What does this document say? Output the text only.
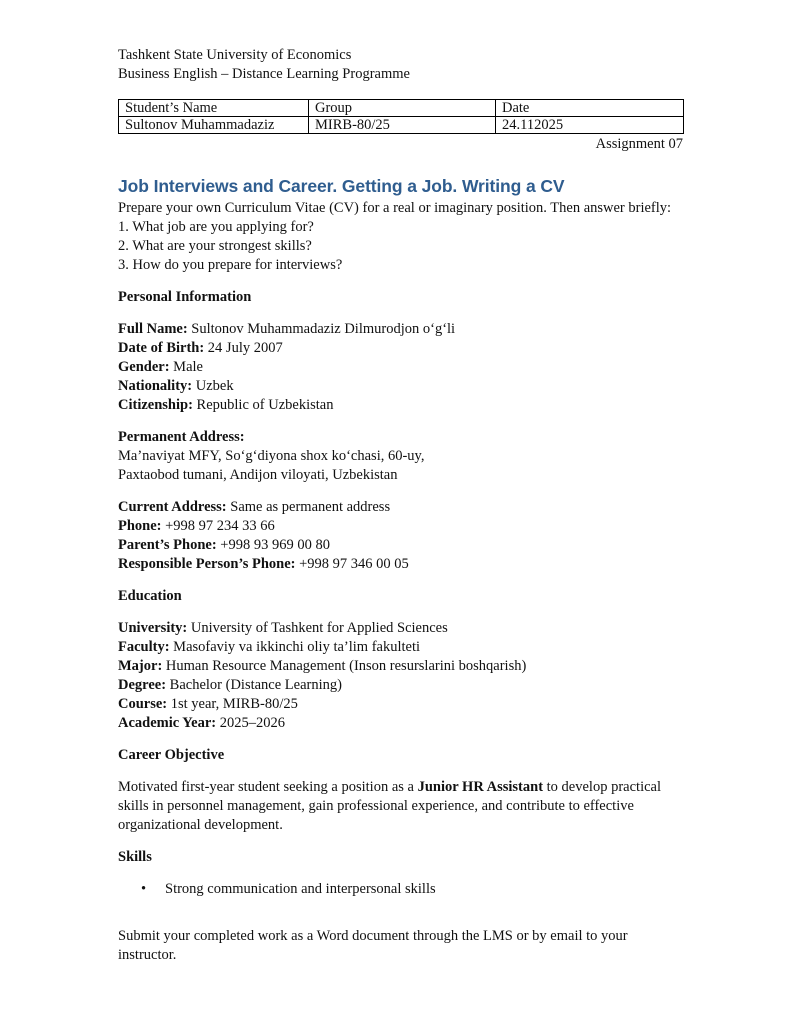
Tashkent State University of Economics
Business English – Distance Learning Programme
Student’s Name	Group	Date
Sultonov Muhammadaziz	MIRB-80/25	24.112025
Assignment 07
Job Interviews and Career. Getting a Job. Writing a CV
Prepare your own Curriculum Vitae (CV) for a real or imaginary position. Then answer briefly:
1. What job are you applying for?
2. What are your strongest skills?
3. How do you prepare for interviews?
Personal Information
Full Name: Sultonov Muhammadaziz Dilmurodjon o‘g‘li
Date of Birth: 24 July 2007
Gender: Male
Nationality: Uzbek
Citizenship: Republic of Uzbekistan
Permanent Address:
Ma’naviyat MFY, So‘g‘diyona shox ko‘chasi, 60-uy,
Paxtaobod tumani, Andijon viloyati, Uzbekistan
Current Address: Same as permanent address
Phone: +998 97 234 33 66
Parent’s Phone: +998 93 969 00 80
Responsible Person’s Phone: +998 97 346 00 05
Education
University: University of Tashkent for Applied Sciences
Faculty: Masofaviy va ikkinchi oliy ta’lim fakulteti
Major: Human Resource Management (Inson resurslarini boshqarish)
Degree: Bachelor (Distance Learning)
Course: 1st year, MIRB-80/25
Academic Year: 2025–2026
Career Objective
Motivated first-year student seeking a position as a Junior HR Assistant to develop practical skills in personnel management, gain professional experience, and contribute to effective organizational development.
Skills
• Strong communication and interpersonal skills
Submit your completed work as a Word document through the LMS or by email to your instructor.
